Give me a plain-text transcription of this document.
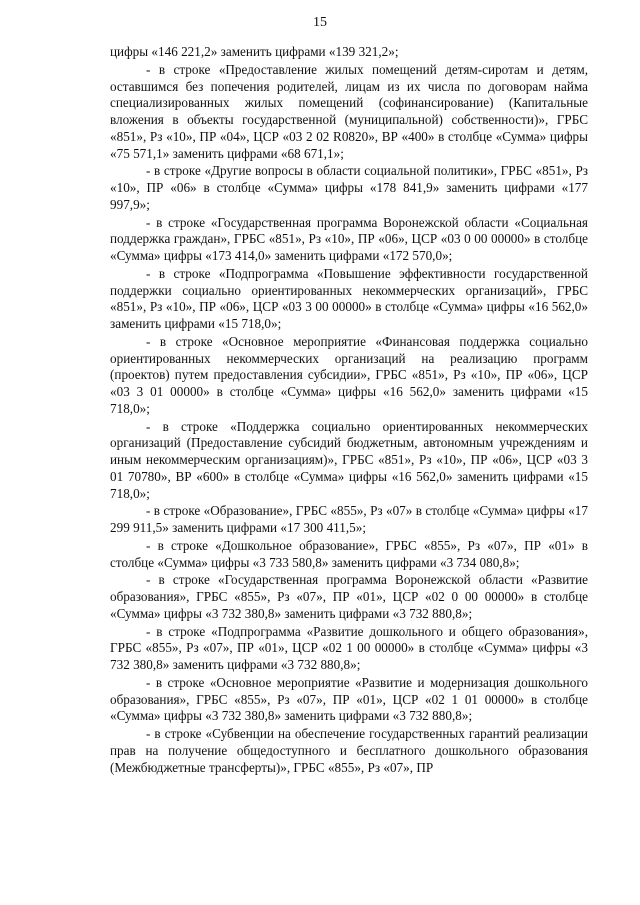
15

цифры «146 221,2» заменить цифрами «139 321,2»;

- в строке «Предоставление жилых помещений детям-сиротам и детям, оставшимся без попечения родителей, лицам из их числа по договорам найма специализированных жилых помещений (софинансирование) (Капитальные вложения в объекты государственной (муниципальной) собственности)», ГРБС «851», Рз «10», ПР «04», ЦСР «03 2 02 R0820», ВР «400» в столбце «Сумма» цифры «75 571,1» заменить цифрами «68 671,1»;

- в строке «Другие вопросы в области социальной политики», ГРБС «851», Рз «10», ПР «06» в столбце «Сумма» цифры «178 841,9» заменить цифрами «177 997,9»;

- в строке «Государственная программа Воронежской области «Социальная поддержка граждан», ГРБС «851», Рз «10», ПР «06», ЦСР «03 0 00 00000» в столбце «Сумма» цифры «173 414,0» заменить цифрами «172 570,0»;

- в строке «Подпрограмма «Повышение эффективности государственной поддержки социально ориентированных некоммерческих организаций», ГРБС «851», Рз «10», ПР «06», ЦСР «03 3 00 00000» в столбце «Сумма» цифры «16 562,0» заменить цифрами «15 718,0»;

- в строке «Основное мероприятие «Финансовая поддержка социально ориентированных некоммерческих организаций на реализацию программ (проектов) путем предоставления субсидии», ГРБС «851», Рз «10», ПР «06», ЦСР «03 3 01 00000» в столбце «Сумма» цифры «16 562,0» заменить цифрами «15 718,0»;

- в строке «Поддержка социально ориентированных некоммерческих организаций (Предоставление субсидий бюджетным, автономным учреждениям и иным некоммерческим организациям)», ГРБС «851», Рз «10», ПР «06», ЦСР «03 3 01 70780», ВР «600» в столбце «Сумма» цифры «16 562,0» заменить цифрами «15 718,0»;

- в строке «Образование», ГРБС «855», Рз «07» в столбце «Сумма» цифры «17 299 911,5» заменить цифрами «17 300 411,5»;

- в строке «Дошкольное образование», ГРБС «855», Рз «07», ПР «01» в столбце «Сумма» цифры «3 733 580,8» заменить цифрами «3 734 080,8»;

- в строке «Государственная программа Воронежской области «Развитие образования», ГРБС «855», Рз «07», ПР «01», ЦСР «02 0 00 00000» в столбце «Сумма» цифры «3 732 380,8» заменить цифрами «3 732 880,8»;

- в строке «Подпрограмма «Развитие дошкольного и общего образования», ГРБС «855», Рз «07», ПР «01», ЦСР «02 1 00 00000» в столбце «Сумма» цифры «3 732 380,8» заменить цифрами «3 732 880,8»;

- в строке «Основное мероприятие «Развитие и модернизация дошкольного образования», ГРБС «855», Рз «07», ПР «01», ЦСР «02 1 01 00000» в столбце «Сумма» цифры «3 732 380,8» заменить цифрами «3 732 880,8»;

- в строке «Субвенции на обеспечение государственных гарантий реализации прав на получение общедоступного и бесплатного дошкольного образования (Межбюджетные трансферты)», ГРБС «855», Рз «07», ПР
